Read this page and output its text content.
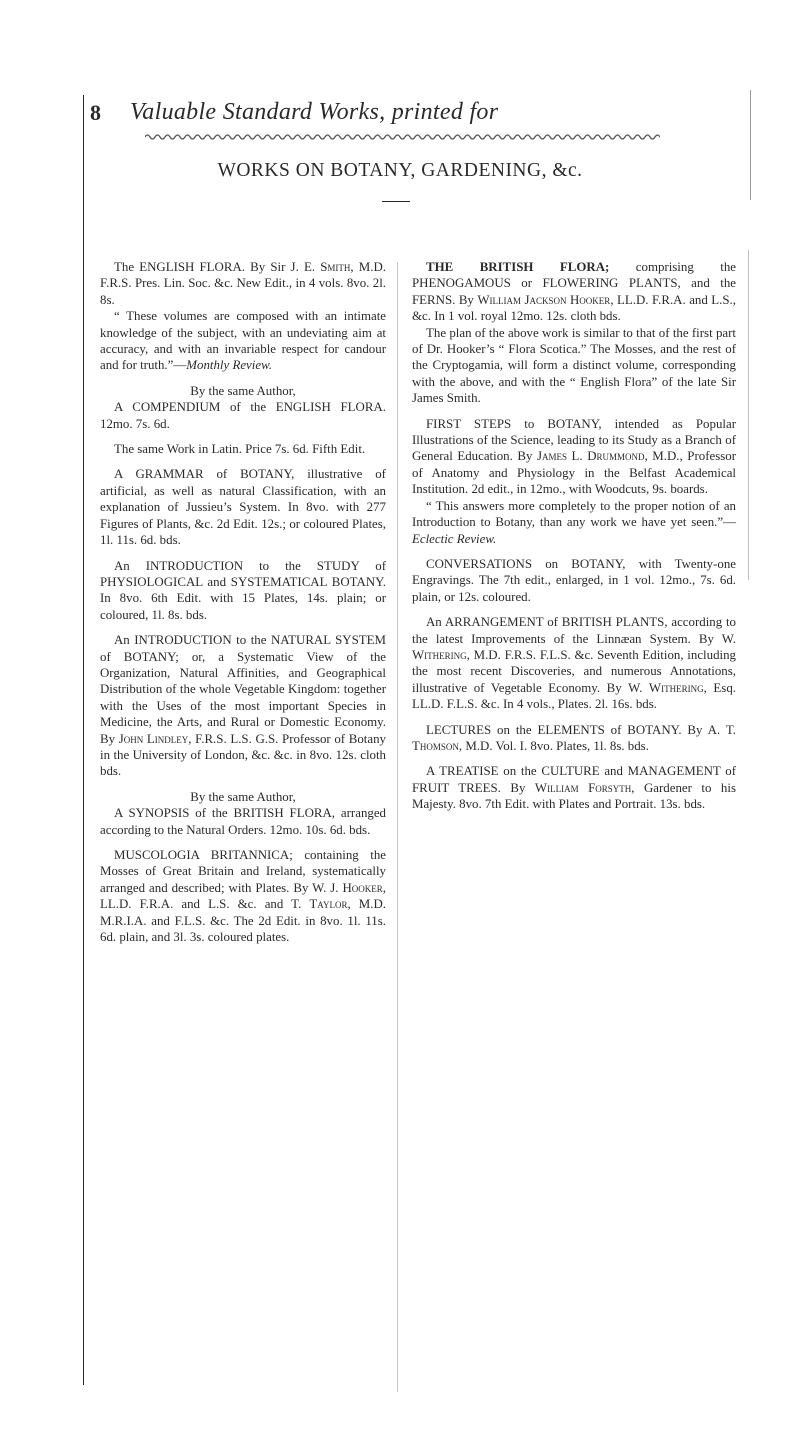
8 Valuable Standard Works, printed for
WORKS ON BOTANY, GARDENING, &c.

The ENGLISH FLORA. By Sir J. E. Smith, M.D. F.R.S. Pres. Lin. Soc. &c. New Edit., in 4 vols. 8vo. 2l. 8s.

“ These volumes are composed with an intimate knowledge of the subject, with an undeviating aim at accuracy, and with an invariable respect for candour and for truth.”—Monthly Review.

By the same Author,

A COMPENDIUM of the ENGLISH FLORA. 12mo. 7s. 6d.

The same Work in Latin. Price 7s. 6d. Fifth Edit.

A GRAMMAR of BOTANY, illustrative of artificial, as well as natural Classification, with an explanation of Jussieu’s System. In 8vo. with 277 Figures of Plants, &c. 2d Edit. 12s.; or coloured Plates, 1l. 11s. 6d. bds.

An INTRODUCTION to the STUDY of PHYSIOLOGICAL and SYSTEMATICAL BOTANY. In 8vo. 6th Edit. with 15 Plates, 14s. plain; or coloured, 1l. 8s. bds.

An INTRODUCTION to the NATURAL SYSTEM of BOTANY; or, a Systematic View of the Organization, Natural Affinities, and Geographical Distribution of the whole Vegetable Kingdom: together with the Uses of the most important Species in Medicine, the Arts, and Rural or Domestic Economy. By John Lindley, F.R.S. L.S. G.S. Professor of Botany in the University of London, &c. &c. in 8vo. 12s. cloth bds.

By the same Author,

A SYNOPSIS of the BRITISH FLORA, arranged according to the Natural Orders. 12mo. 10s. 6d. bds.

MUSCOLOGIA BRITANNICA; containing the Mosses of Great Britain and Ireland, systematically arranged and described; with Plates. By W. J. Hooker, LL.D. F.R.A. and L.S. &c. and T. Taylor, M.D. M.R.I.A. and F.L.S. &c. The 2d Edit. in 8vo. 1l. 11s. 6d. plain, and 3l. 3s. coloured plates.

THE BRITISH FLORA; comprising the PHENOGAMOUS or FLOWERING PLANTS, and the FERNS. By William Jackson Hooker, LL.D. F.R.A. and L.S., &c. In 1 vol. royal 12mo. 12s. cloth bds.

The plan of the above work is similar to that of the first part of Dr. Hooker’s “ Flora Scotica.” The Mosses, and the rest of the Cryptogamia, will form a distinct volume, corresponding with the above, and with the “ English Flora” of the late Sir James Smith.

FIRST STEPS to BOTANY, intended as Popular Illustrations of the Science, leading to its Study as a Branch of General Education. By James L. Drummond, M.D., Professor of Anatomy and Physiology in the Belfast Academical Institution. 2d edit., in 12mo., with Woodcuts, 9s. boards.

“ This answers more completely to the proper notion of an Introduction to Botany, than any work we have yet seen.”—Eclectic Review.

CONVERSATIONS on BOTANY, with Twenty-one Engravings. The 7th edit., enlarged, in 1 vol. 12mo., 7s. 6d. plain, or 12s. coloured.

An ARRANGEMENT of BRITISH PLANTS, according to the latest Improvements of the Linnæan System. By W. Withering, M.D. F.R.S. F.L.S. &c. Seventh Edition, including the most recent Discoveries, and numerous Annotations, illustrative of Vegetable Economy. By W. Withering, Esq. LL.D. F.L.S. &c. In 4 vols., Plates. 2l. 16s. bds.

LECTURES on the ELEMENTS of BOTANY. By A. T. Thomson, M.D. Vol. I. 8vo. Plates, 1l. 8s. bds.

A TREATISE on the CULTURE and MANAGEMENT of FRUIT TREES. By William Forsyth, Gardener to his Majesty. 8vo. 7th Edit. with Plates and Portrait. 13s. bds.
